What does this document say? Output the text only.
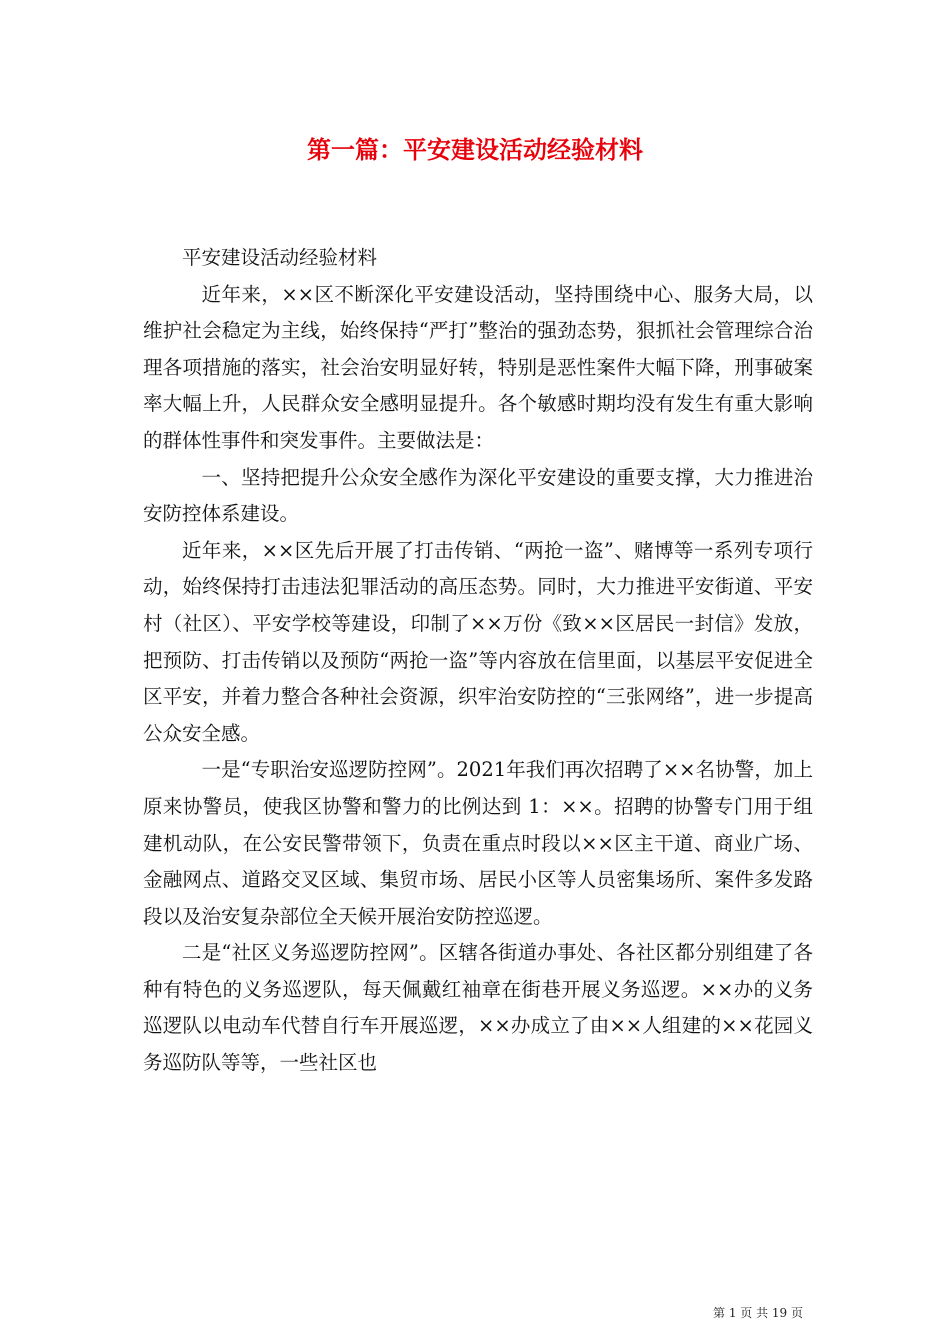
第一篇：平安建设活动经验材料

平安建设活动经验材料

近年来，××区不断深化平安建设活动，坚持围绕中心、服务大局，以维护社会稳定为主线，始终保持“严打”整治的强劲态势，狠抓社会管理综合治理各项措施的落实，社会治安明显好转，特别是恶性案件大幅下降，刑事破案率大幅上升，人民群众安全感明显提升。各个敏感时期均没有发生有重大影响的群体性事件和突发事件。主要做法是：

一、坚持把提升公众安全感作为深化平安建设的重要支撑，大力推进治安防控体系建设。

近年来，××区先后开展了打击传销、“两抢一盗”、赌博等一系列专项行动，始终保持打击违法犯罪活动的高压态势。同时，大力推进平安街道、平安村（社区）、平安学校等建设，印制了××万份《致××区居民一封信》发放，把预防、打击传销以及预防“两抢一盗”等内容放在信里面，以基层平安促进全区平安，并着力整合各种社会资源，织牢治安防控的“三张网络”，进一步提高公众安全感。

一是“专职治安巡逻防控网”。2021年我们再次招聘了××名协警，加上原来协警员，使我区协警和警力的比例达到 1：××。招聘的协警专门用于组建机动队，在公安民警带领下，负责在重点时段以××区主干道、商业广场、金融网点、道路交叉区域、集贸市场、居民小区等人员密集场所、案件多发路段以及治安复杂部位全天候开展治安防控巡逻。

二是“社区义务巡逻防控网”。区辖各街道办事处、各社区都分别组建了各种有特色的义务巡逻队，每天佩戴红袖章在街巷开展义务巡逻。××办的义务巡逻队以电动车代替自行车开展巡逻，××办成立了由××人组建的××花园义务巡防队等等，一些社区也

第 1 页 共 19 页
